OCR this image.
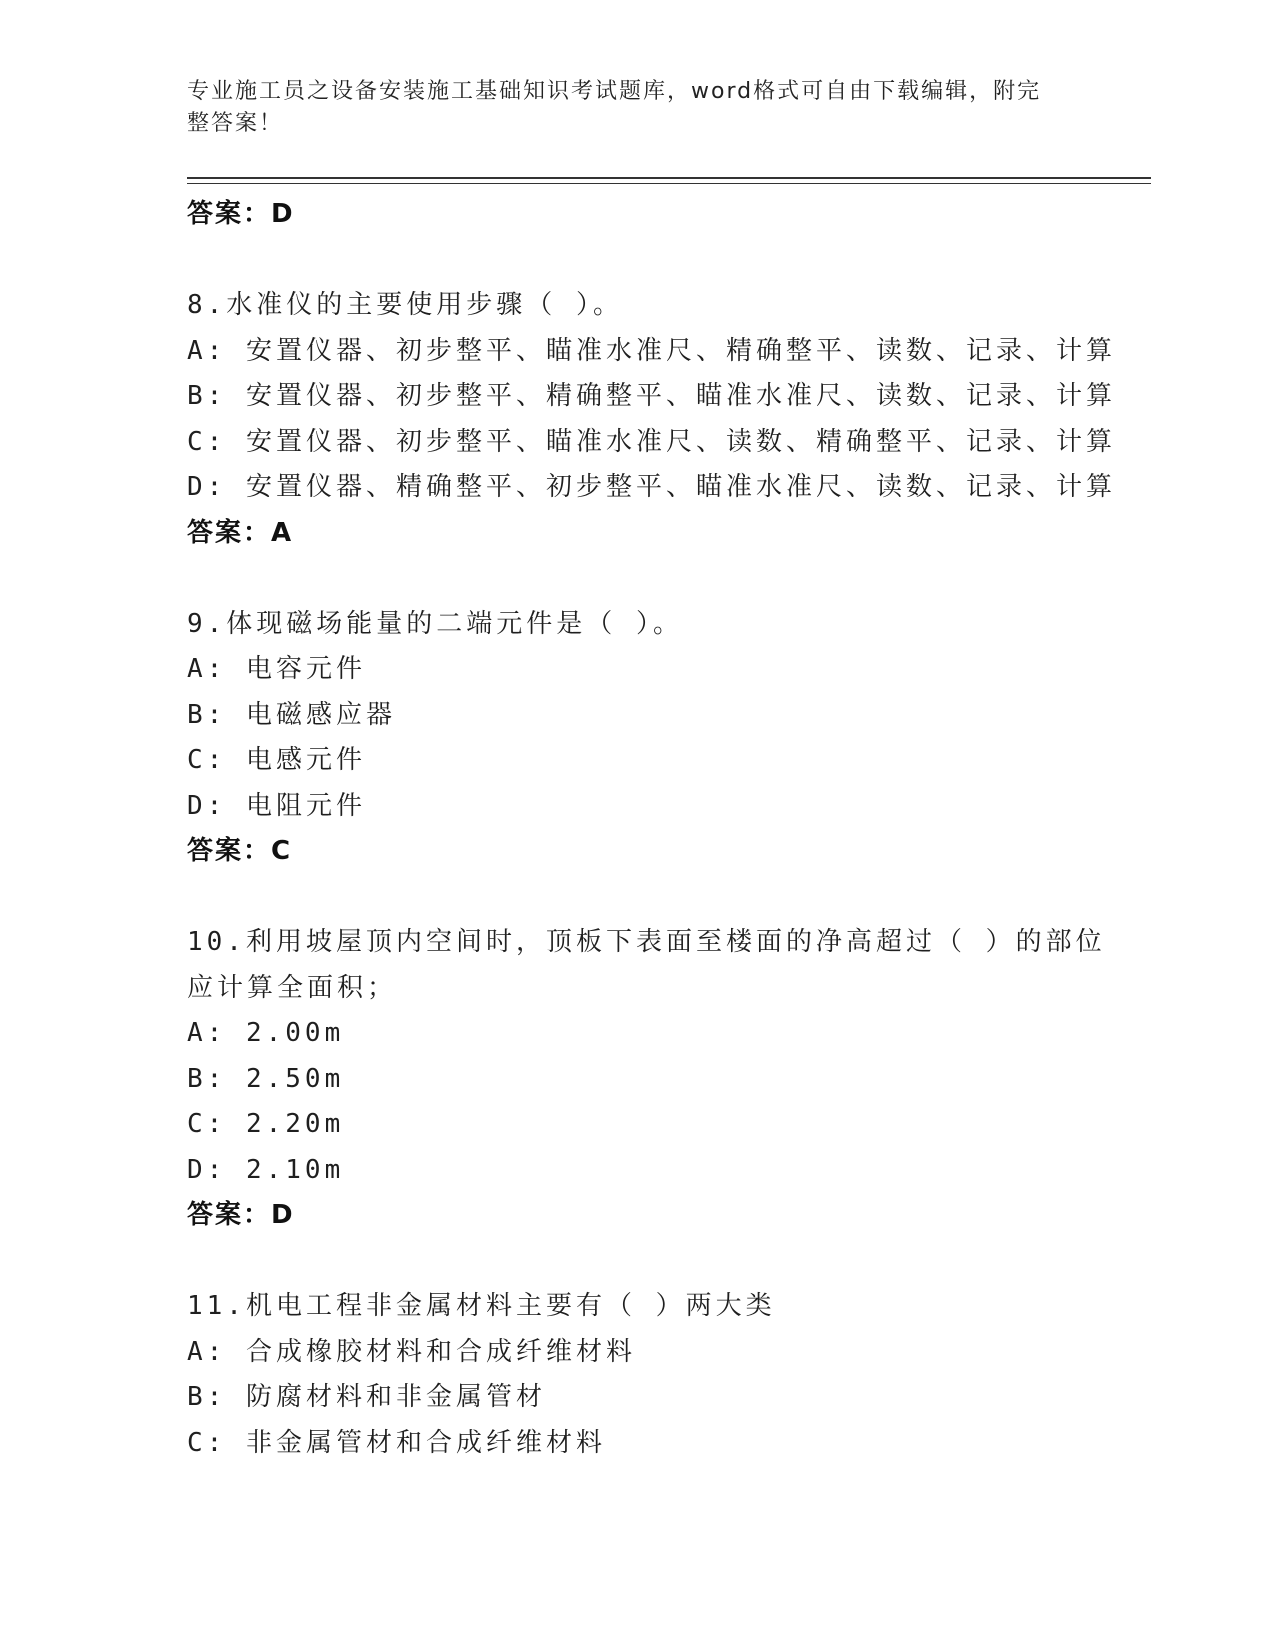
专业施工员之设备安装施工基础知识考试题库，word格式可自由下载编辑，附完
整答案！
答案：D
8.水准仪的主要使用步骤（ ）。
A: 安置仪器、初步整平、瞄准水准尺、精确整平、读数、记录、计算
B: 安置仪器、初步整平、精确整平、瞄准水准尺、读数、记录、计算
C: 安置仪器、初步整平、瞄准水准尺、读数、精确整平、记录、计算
D: 安置仪器、精确整平、初步整平、瞄准水准尺、读数、记录、计算
答案：A
9.体现磁场能量的二端元件是（ ）。
A: 电容元件
B: 电磁感应器
C: 电感元件
D: 电阻元件
答案：C
10.利用坡屋顶内空间时，顶板下表面至楼面的净高超过（ ）的部位
应计算全面积；
A: 2.00m
B: 2.50m
C: 2.20m
D: 2.10m
答案：D
11.机电工程非金属材料主要有（ ）两大类
A: 合成橡胶材料和合成纤维材料
B: 防腐材料和非金属管材
C: 非金属管材和合成纤维材料
